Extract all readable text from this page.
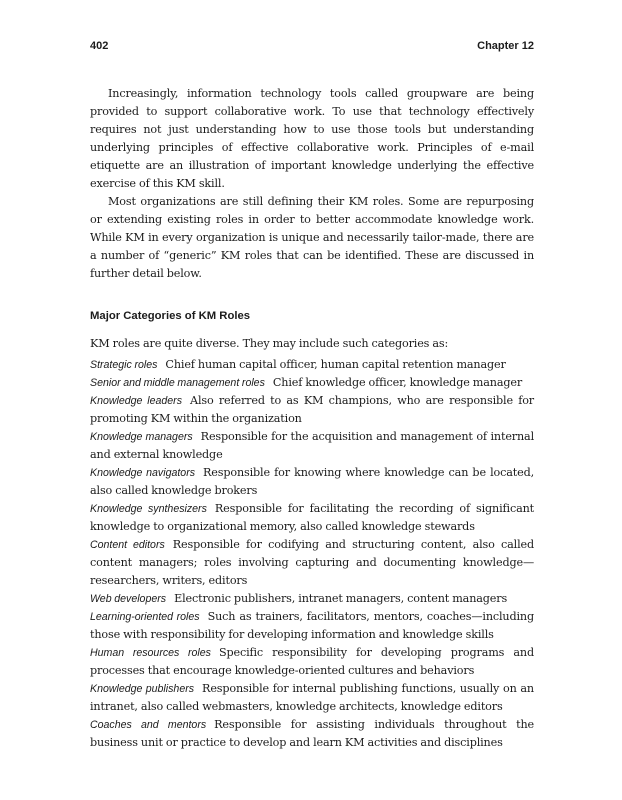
402	Chapter 12

Increasingly, information technology tools called groupware are being provided to support collaborative work. To use that technology effectively requires not just understanding how to use those tools but understanding underlying principles of effective collaborative work. Principles of e-mail etiquette are an illustration of important knowledge underlying the effective exercise of this KM skill.

Most organizations are still defining their KM roles. Some are repurposing or extending existing roles in order to better accommodate knowledge work. While KM in every organization is unique and necessarily tailor-made, there are a number of “generic” KM roles that can be identified. These are discussed in further detail below.

Major Categories of KM Roles

KM roles are quite diverse. They may include such categories as:

Strategic roles Chief human capital officer, human capital retention manager

Senior and middle management roles Chief knowledge officer, knowledge manager

Knowledge leaders Also referred to as KM champions, who are responsible for promoting KM within the organization

Knowledge managers Responsible for the acquisition and management of internal and external knowledge

Knowledge navigators Responsible for knowing where knowledge can be located, also called knowledge brokers

Knowledge synthesizers Responsible for facilitating the recording of significant knowledge to organizational memory, also called knowledge stewards

Content editors Responsible for codifying and structuring content, also called content managers; roles involving capturing and documenting knowledge—researchers, writers, editors

Web developers Electronic publishers, intranet managers, content managers

Learning-oriented roles Such as trainers, facilitators, mentors, coaches—including those with responsibility for developing information and knowledge skills

Human resources roles Specific responsibility for developing programs and processes that encourage knowledge-oriented cultures and behaviors

Knowledge publishers Responsible for internal publishing functions, usually on an intranet, also called webmasters, knowledge architects, knowledge editors

Coaches and mentors Responsible for assisting individuals throughout the business unit or practice to develop and learn KM activities and disciplines
